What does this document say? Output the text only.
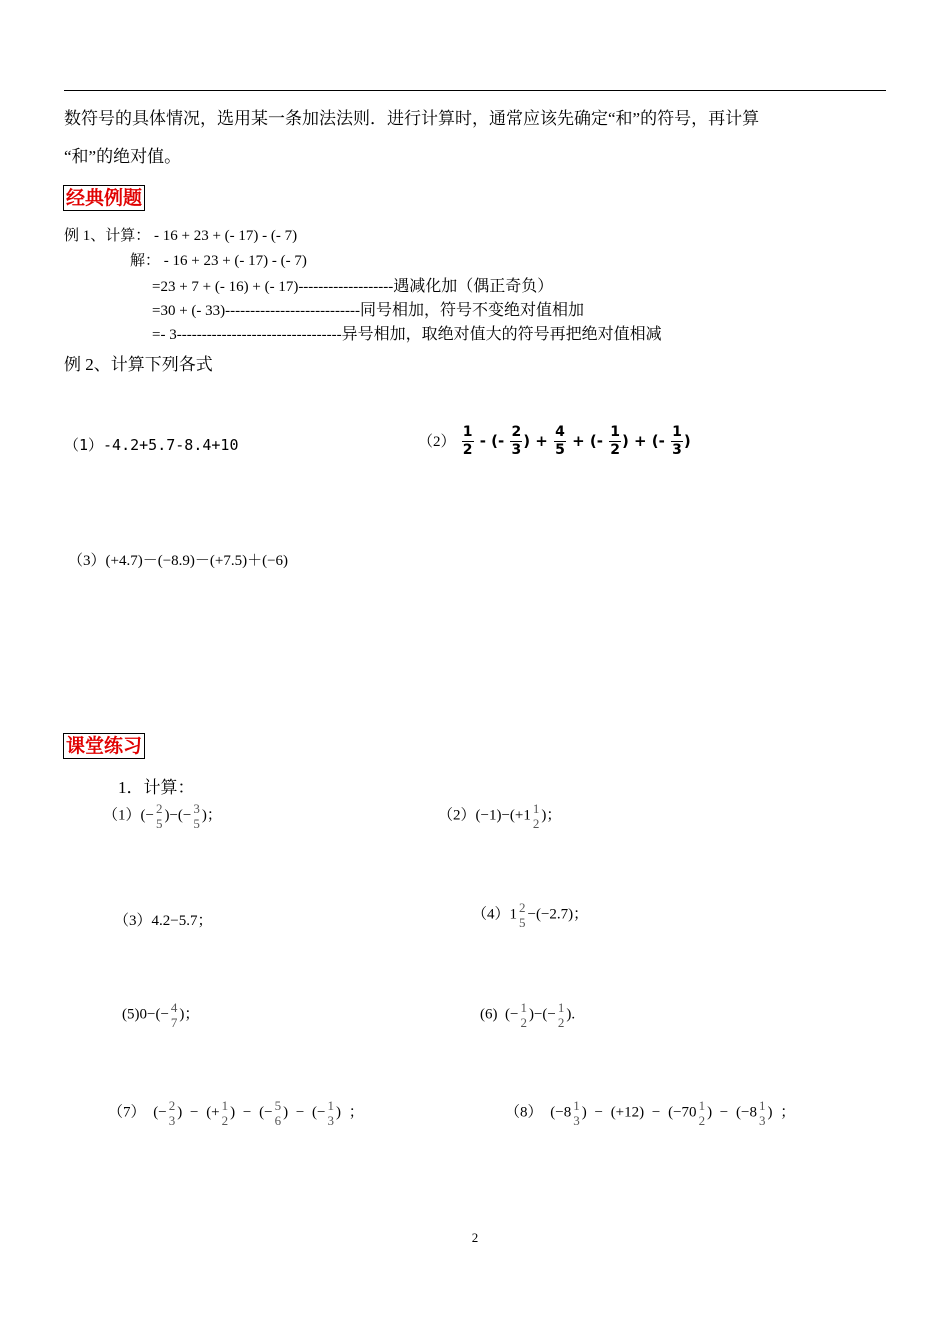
数符号的具体情况，选用某一条加法法则．进行计算时，通常应该先确定“和”的符号，再计算
“和”的绝对值。
经典例题
例 1、计算： - 16 + 23 + (- 17) - (- 7)
解： - 16 + 23 + (- 17) - (- 7)
=23 + 7 + (- 16) + (- 17)-------------------遇减化加（偶正奇负）
=30 + (- 33)---------------------------同号相加，符号不变绝对值相加
=- 3---------------------------------异号相加，取绝对值大的符号再把绝对值相减
例 2、计算下列各式
（1）-4.2+5.7-8.4+10	$(2) \frac{1}{2}$ - (- $\frac{2}{3}$ ) + $\frac{4}{5}$ + (- $\frac{1}{2}$ ) + (- $\frac{1}{3}$ )
（3）(+4.7)－(−8.9)－(+7.5)＋(−6)
课堂练习
1．计算：
（1）(− 2
5
)−(− 3
5
)；	（2）(−1)−(+1 1
2
)；
（3）4.2−5.7；	（4）1 2
5
−(−2.7)；
(5)0−(− 4
7
)；	(6)  (− 1
2
)−(− 1
2
).
（7） (− 2
3
) − (+ 1
2
) − (− 5
6
) − (− 1
3
) ；	（8） (−8 1
3
) − (+12) − (−70 1
2
) − (−8 1
3
) ；
2
